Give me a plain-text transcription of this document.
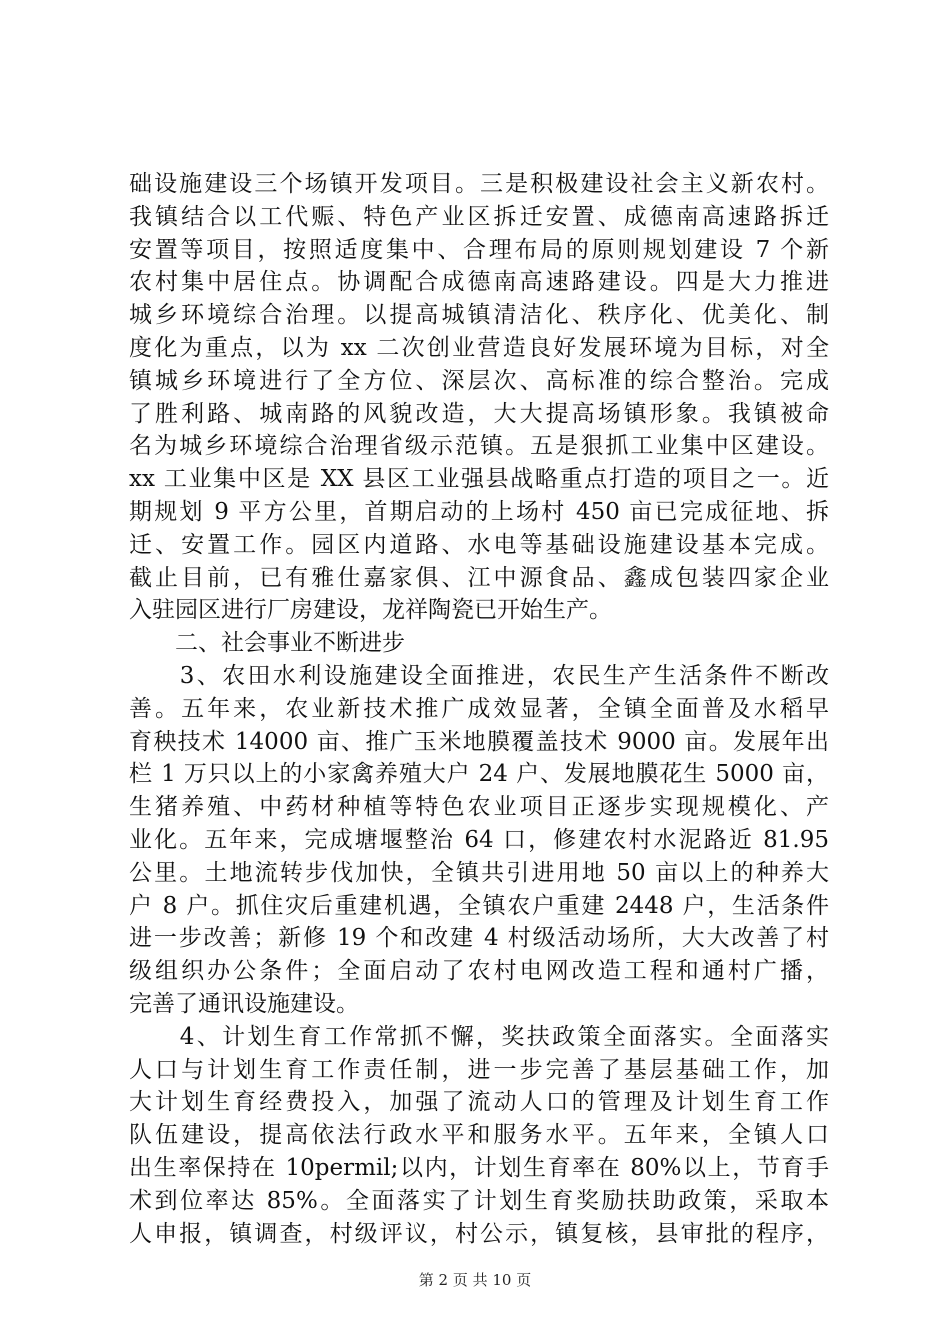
础设施建设三个场镇开发项目。三是积极建设社会主义新农村。
我镇结合以工代赈、特色产业区拆迁安置、成德南高速路拆迁
安置等项目，按照适度集中、合理布局的原则规划建设 7 个新
农村集中居住点。协调配合成德南高速路建设。四是大力推进
城乡环境综合治理。以提高城镇清洁化、秩序化、优美化、制
度化为重点，以为 xx 二次创业营造良好发展环境为目标，对全
镇城乡环境进行了全方位、深层次、高标准的综合整治。完成
了胜利路、城南路的风貌改造，大大提高场镇形象。我镇被命
名为城乡环境综合治理省级示范镇。五是狠抓工业集中区建设。
xx 工业集中区是 XX 县区工业强县战略重点打造的项目之一。近
期规划 9 平方公里，首期启动的上场村 450 亩已完成征地、拆
迁、安置工作。园区内道路、水电等基础设施建设基本完成。
截止目前，已有雅仕嘉家俱、江中源食品、鑫成包装四家企业
入驻园区进行厂房建设，龙祥陶瓷已开始生产。
　　二、社会事业不断进步
　　3、农田水利设施建设全面推进，农民生产生活条件不断改
善。五年来，农业新技术推广成效显著，全镇全面普及水稻早
育秧技术 14000 亩、推广玉米地膜覆盖技术 9000 亩。发展年出
栏 1 万只以上的小家禽养殖大户 24 户、发展地膜花生 5000 亩，
生猪养殖、中药材种植等特色农业项目正逐步实现规模化、产
业化。五年来，完成塘堰整治 64 口，修建农村水泥路近 81.95
公里。土地流转步伐加快，全镇共引进用地 50 亩以上的种养大
户 8 户。抓住灾后重建机遇，全镇农户重建 2448 户，生活条件
进一步改善；新修 19 个和改建 4 村级活动场所，大大改善了村
级组织办公条件；全面启动了农村电网改造工程和通村广播，
完善了通讯设施建设。
　　4、计划生育工作常抓不懈，奖扶政策全面落实。全面落实
人口与计划生育工作责任制，进一步完善了基层基础工作，加
大计划生育经费投入，加强了流动人口的管理及计划生育工作
队伍建设，提高依法行政水平和服务水平。五年来，全镇人口
出生率保持在 10permil;以内，计划生育率在 80%以上，节育手
术到位率达 85%。全面落实了计划生育奖励扶助政策，采取本
人申报，镇调查，村级评议，村公示，镇复核，县审批的程序，
第 2 页 共 10 页
